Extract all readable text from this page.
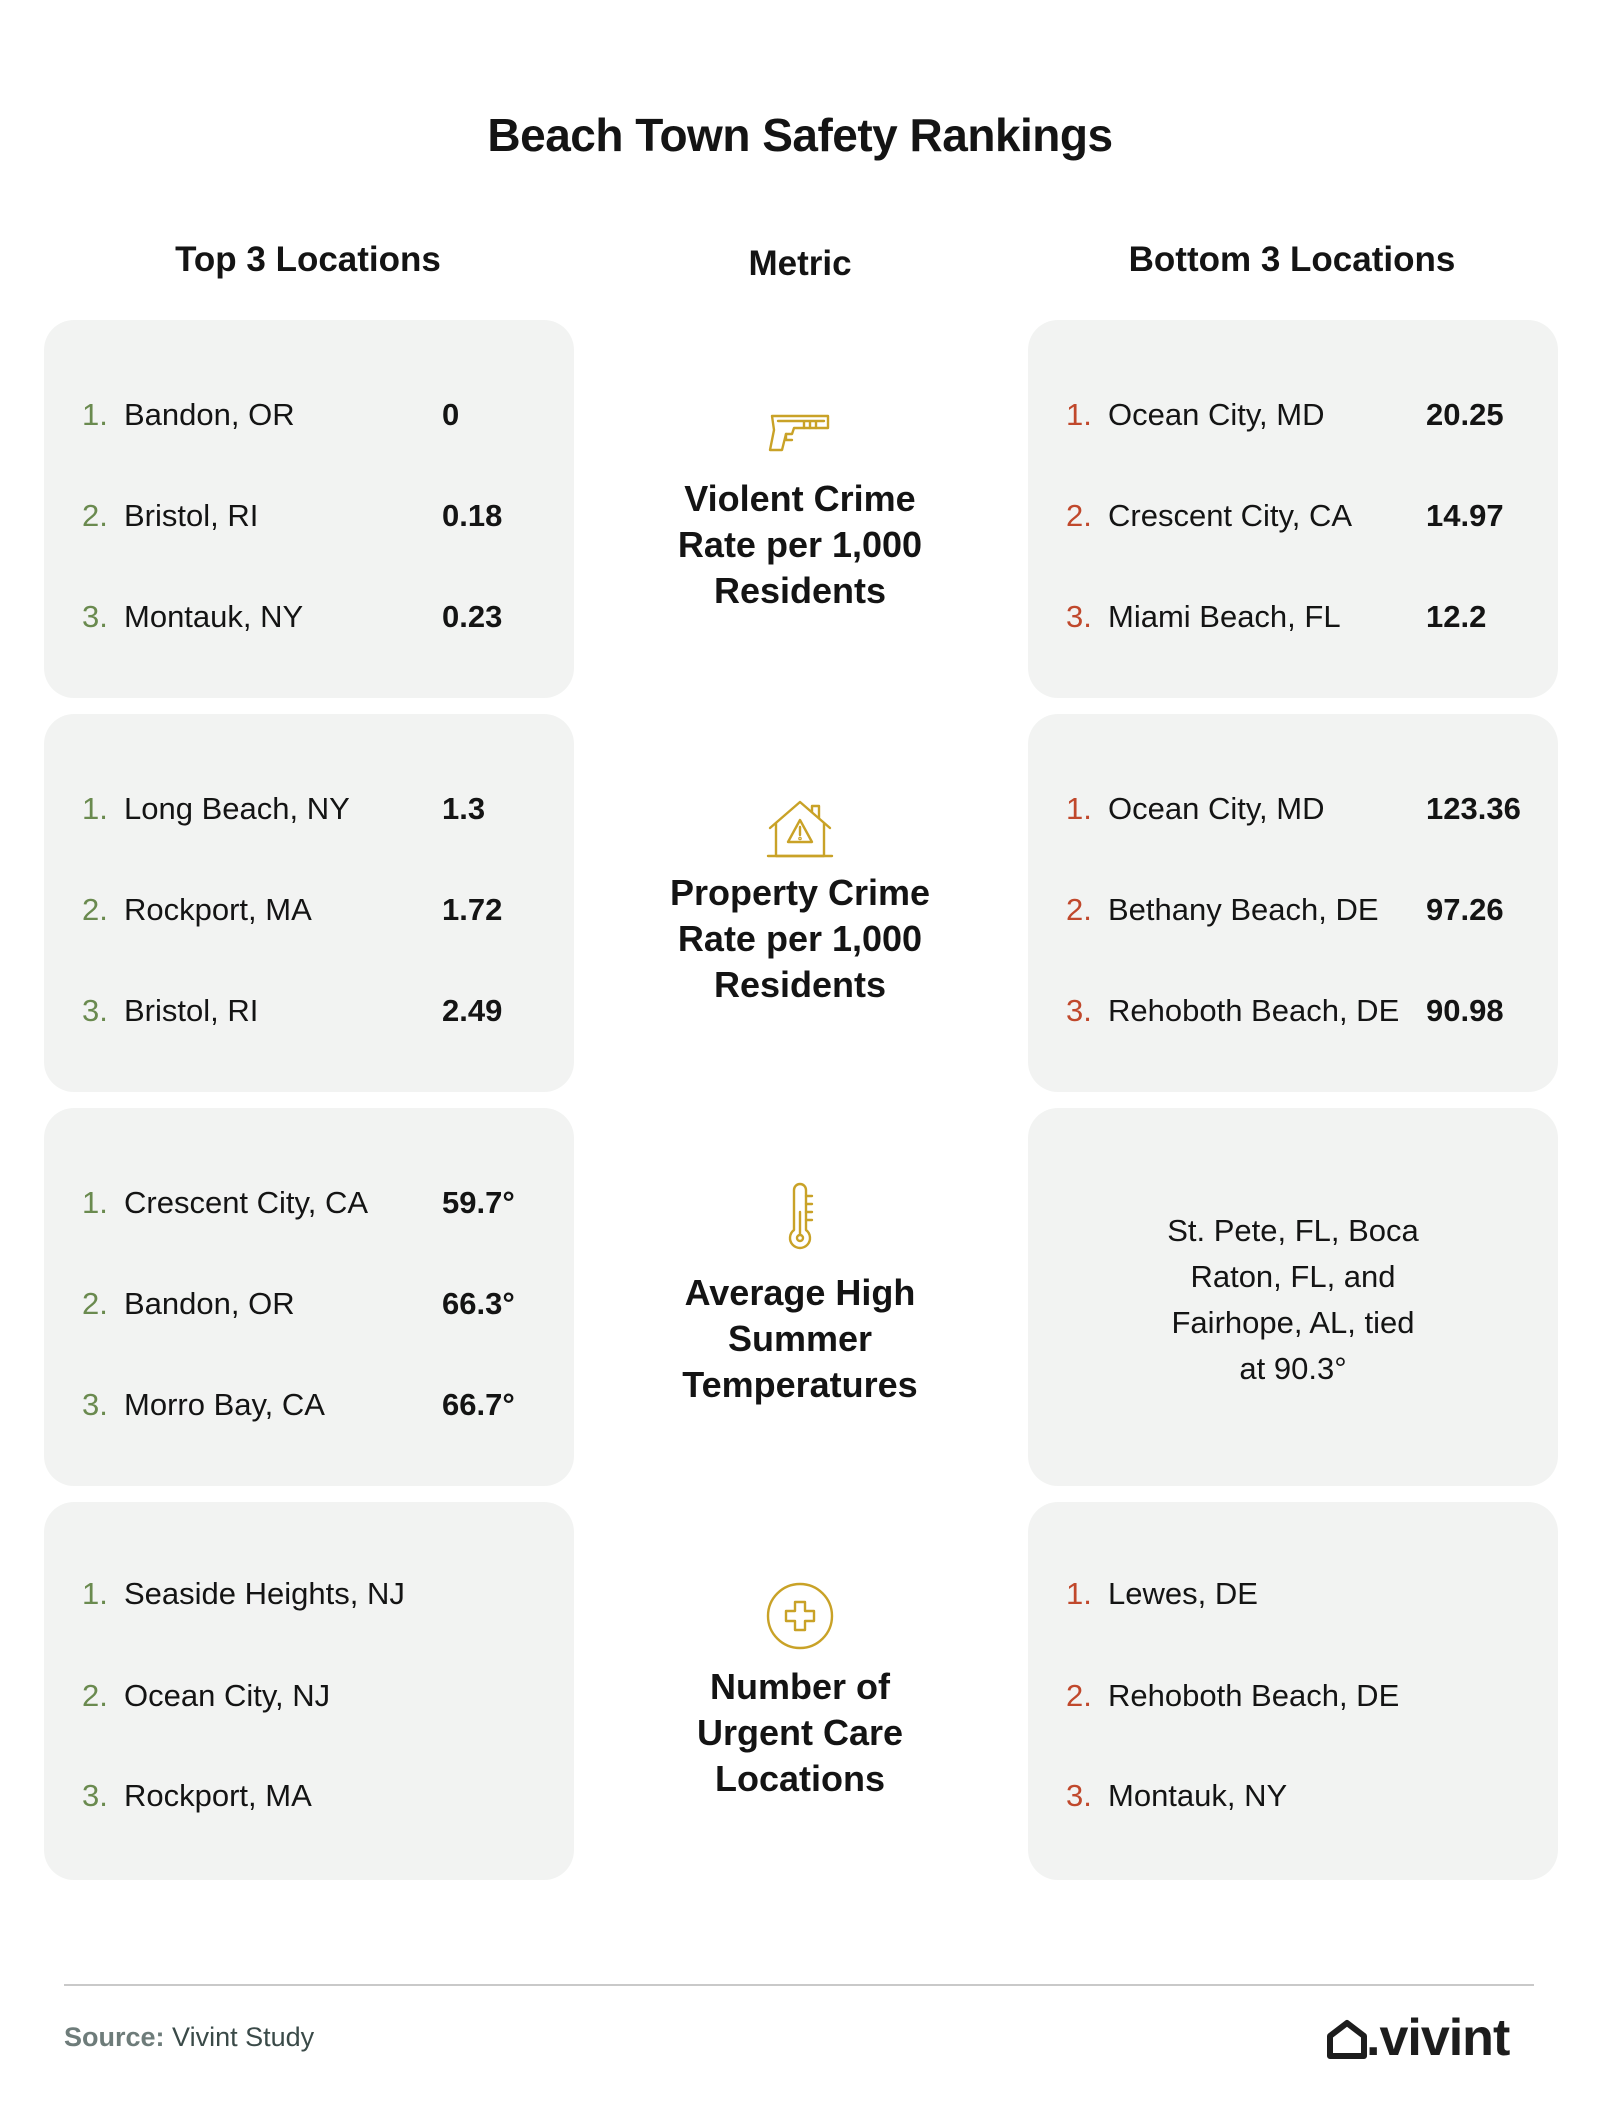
Beach Town Safety Rankings
Top 3 Locations	Metric	Bottom 3 Locations
1. Bandon, OR	0
2. Bristol, RI	0.18
3. Montauk, NY	0.23
Violent Crime
Rate per 1,000
Residents
1. Ocean City, MD	20.25
2. Crescent City, CA 14.97
3. Miami Beach, FL	12.2
1. Long Beach, NY	1.3
2. Rockport, MA	1.72
3. Bristol, RI	2.49
Property Crime
Rate per 1,000
Residents
1. Ocean City, MD	123.36
2. Bethany Beach, DE 97.26
3. Rehoboth Beach, DE 90.98
1. Crescent City, CA 59.7°
2. Bandon, OR	66.3°
3. Morro Bay, CA	66.7°
Average High
Summer
Temperatures
St. Pete, FL, Boca
Raton, FL, and
Fairhope, AL, tied
at 90.3°
1. Seaside Heights, NJ
2. Ocean City, NJ
3. Rockport, MA
Number of
Urgent Care
Locations
1. Lewes, DE
2. Rehoboth Beach, DE
3. Montauk, NY
Source: Vivint Study	.vivint
